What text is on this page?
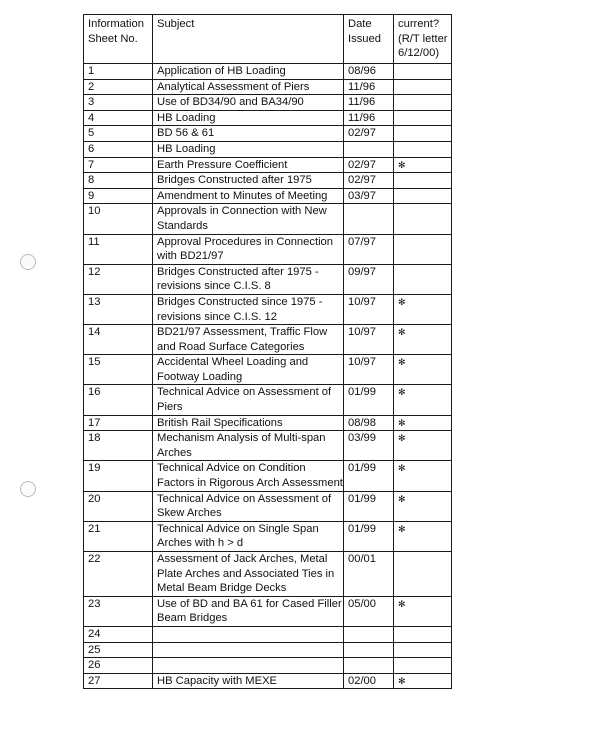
Information Sheet No.	Subject	Date Issued	current? (R/T letter 6/12/00)
1	Application of HB Loading	08/96	
2	Analytical Assessment of Piers	11/96	
3	Use of BD34/90 and BA34/90	11/96	
4	HB Loading	11/96	
5	BD 56 & 61	02/97	
6	HB Loading		
7	Earth Pressure Coefficient	02/97	✻
8	Bridges Constructed after 1975	02/97	
9	Amendment to Minutes of Meeting	03/97	
10	Approvals in Connection with New Standards		
11	Approval Procedures in Connection with BD21/97	07/97	
12	Bridges Constructed after 1975 - revisions since C.I.S. 8	09/97	
13	Bridges Constructed since 1975 - revisions since C.I.S. 12	10/97	✻
14	BD21/97 Assessment, Traffic Flow and Road Surface Categories	10/97	✻
15	Accidental Wheel Loading and Footway Loading	10/97	✻
16	Technical Advice on Assessment of Piers	01/99	✻
17	British Rail Specifications	08/98	✻
18	Mechanism Analysis of Multi-span Arches	03/99	✻
19	Technical Advice on Condition Factors in Rigorous Arch Assessment	01/99	✻
20	Technical Advice on Assessment of Skew Arches	01/99	✻
21	Technical Advice on Single Span Arches with h > d	01/99	✻
22	Assessment of Jack Arches, Metal Plate Arches and Associated Ties in Metal Beam Bridge Decks	00/01	
23	Use of BD and BA 61 for Cased Filler Beam Bridges	05/00	✻
24			
25			
26			
27	HB Capacity with MEXE	02/00	✻
